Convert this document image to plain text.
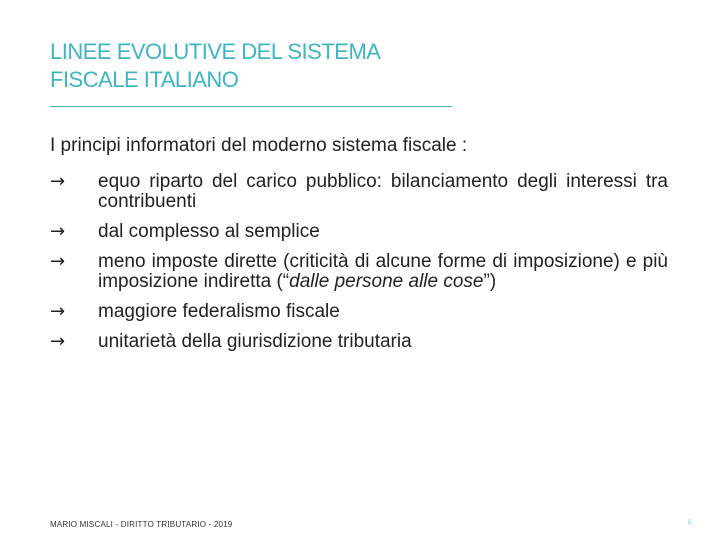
LINEE EVOLUTIVE DEL SISTEMA
FISCALE ITALIANO

I principi informatori del moderno sistema fiscale :

→ equo riparto del carico pubblico: bilanciamento degli interessi tra contribuenti
→ dal complesso al semplice
→ meno imposte dirette (criticità di alcune forme di imposizione) e più imposizione indiretta (“dalle persone alle cose”)
→ maggiore federalismo fiscale
→ unitarietà della giurisdizione tributaria
MARIO MISCALI - DIRITTO TRIBUTARIO - 2019	6
